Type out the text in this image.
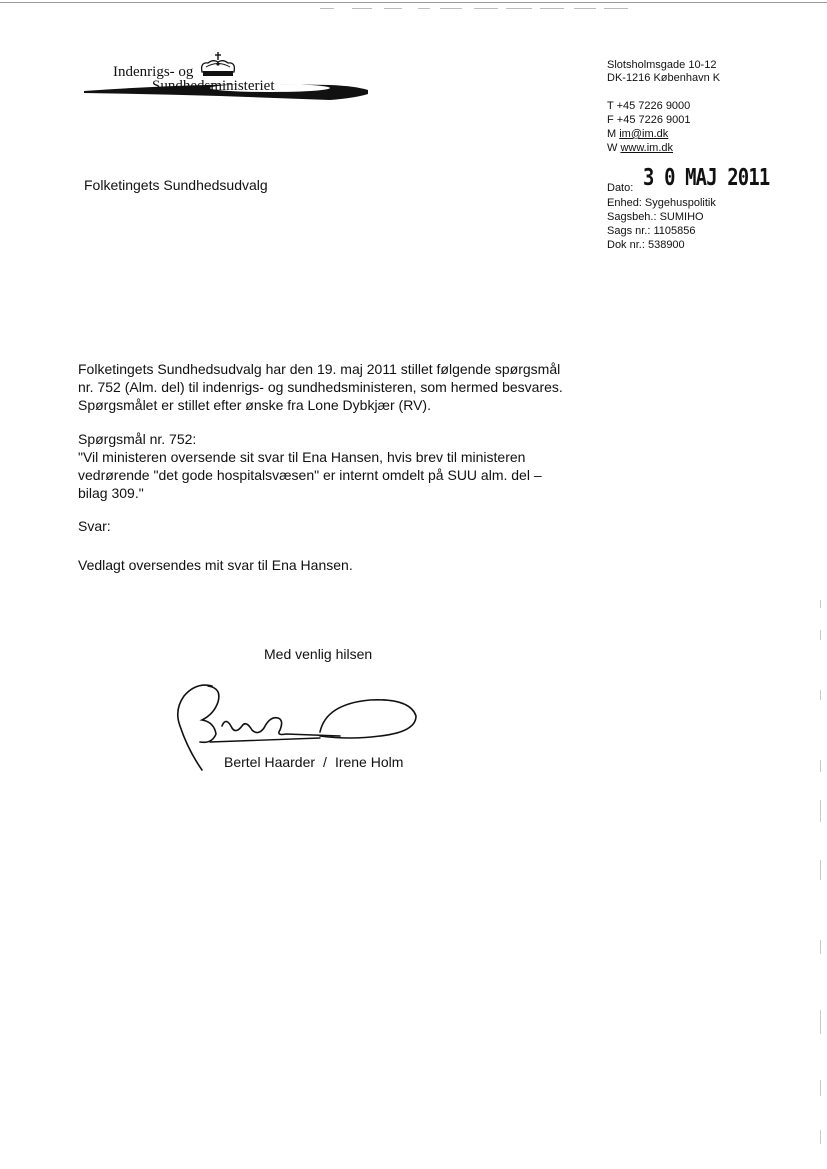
Indenrigs- og
Sundhedsministeriet
Slotsholmsgade 10-12
DK-1216 København K
T +45 7226 9000
F +45 7226 9001
M im@im.dk
W www.im.dk
Folketingets Sundhedsudvalg	3 0 MAJ 2011
Dato:
Enhed: Sygehuspolitik
Sagsbeh.: SUMIHO
Sags nr.: 1105856
Dok nr.: 538900
Folketingets Sundhedsudvalg har den 19. maj 2011 stillet følgende spørgsmål
nr. 752 (Alm. del) til indenrigs- og sundhedsministeren, som hermed besvares.
Spørgsmålet er stillet efter ønske fra Lone Dybkjær (RV).
Spørgsmål nr. 752:
"Vil ministeren oversende sit svar til Ena Hansen, hvis brev til ministeren
vedrørende "det gode hospitalsvæsen" er internt omdelt på SUU alm. del –
bilag 309."
Svar:
Vedlagt oversendes mit svar til Ena Hansen.
Med venlig hilsen
Bertel Haarder / Irene Holm
